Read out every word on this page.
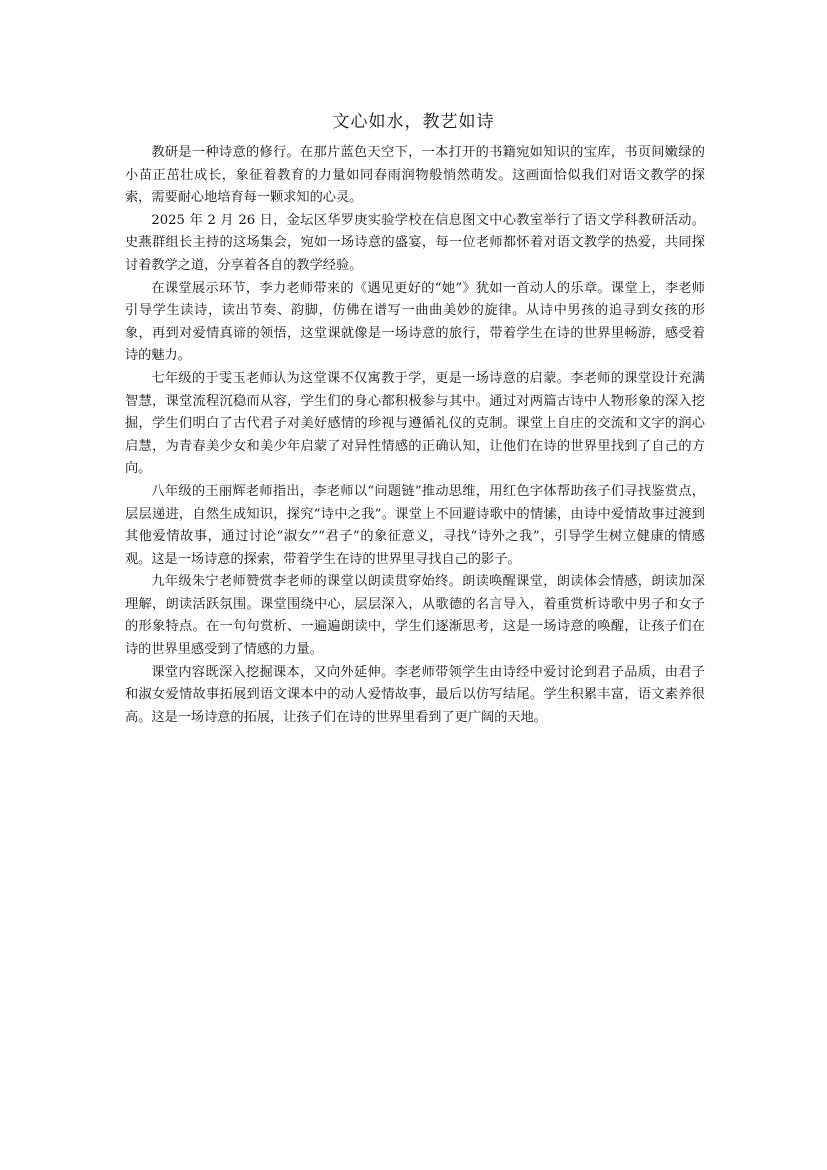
文心如水，教艺如诗

教研是一种诗意的修行。在那片蓝色天空下，一本打开的书籍宛如知识的宝库，书页间嫩绿的小苗正茁壮成长，象征着教育的力量如同春雨润物般悄然萌发。这画面恰似我们对语文教学的探索，需要耐心地培育每一颗求知的心灵。

2025 年 2 月 26 日，金坛区华罗庚实验学校在信息图文中心教室举行了语文学科教研活动。史燕群组长主持的这场集会，宛如一场诗意的盛宴，每一位老师都怀着对语文教学的热爱，共同探讨着教学之道，分享着各自的教学经验。

在课堂展示环节，李力老师带来的《遇见更好的“她”》犹如一首动人的乐章。课堂上，李老师引导学生读诗，读出节奏、韵脚，仿佛在谱写一曲曲美妙的旋律。从诗中男孩的追寻到女孩的形象，再到对爱情真谛的领悟，这堂课就像是一场诗意的旅行，带着学生在诗的世界里畅游，感受着诗的魅力。

七年级的于雯玉老师认为这堂课不仅寓教于学，更是一场诗意的启蒙。李老师的课堂设计充满智慧，课堂流程沉稳而从容，学生们的身心都积极参与其中。通过对两篇古诗中人物形象的深入挖掘，学生们明白了古代君子对美好感情的珍视与遵循礼仪的克制。课堂上自庄的交流和文字的润心启慧，为青春美少女和美少年启蒙了对异性情感的正确认知，让他们在诗的世界里找到了自己的方向。

八年级的王丽辉老师指出，李老师以“问题链”推动思维，用红色字体帮助孩子们寻找鉴赏点，层层递进，自然生成知识，探究“诗中之我”。课堂上不回避诗歌中的情愫，由诗中爱情故事过渡到其他爱情故事，通过讨论“淑女”“君子”的象征意义，寻找“诗外之我”，引导学生树立健康的情感观。这是一场诗意的探索，带着学生在诗的世界里寻找自己的影子。

九年级朱宁老师赞赏李老师的课堂以朗读贯穿始终。朗读唤醒课堂，朗读体会情感，朗读加深理解，朗读活跃氛围。课堂围绕中心，层层深入，从歌德的名言导入，着重赏析诗歌中男子和女子的形象特点。在一句句赏析、一遍遍朗读中，学生们逐渐思考，这是一场诗意的唤醒，让孩子们在诗的世界里感受到了情感的力量。

课堂内容既深入挖掘课本，又向外延伸。李老师带领学生由诗经中爱讨论到君子品质，由君子和淑女爱情故事拓展到语文课本中的动人爱情故事，最后以仿写结尾。学生积累丰富，语文素养很高。这是一场诗意的拓展，让孩子们在诗的世界里看到了更广阔的天地。
